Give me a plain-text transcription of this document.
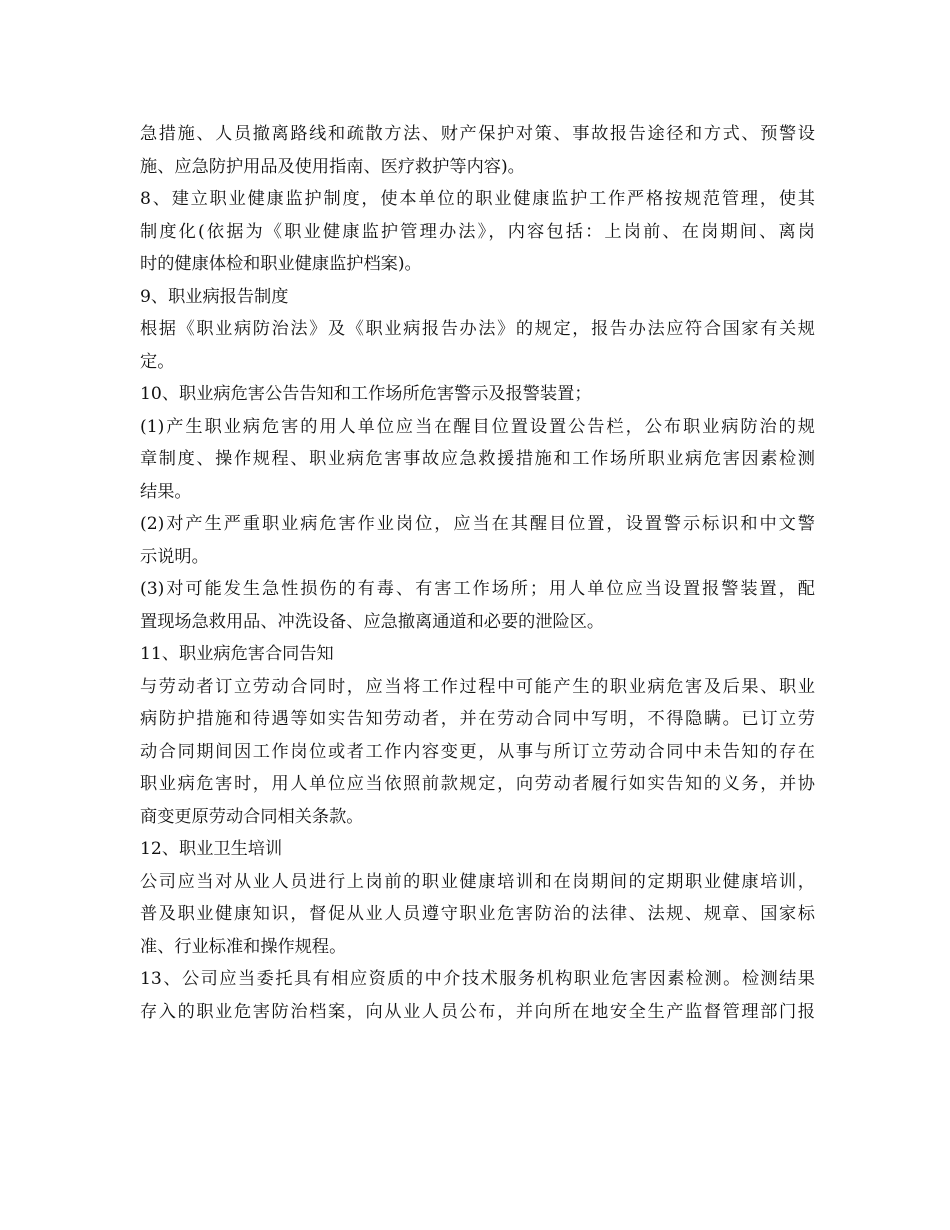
急措施、人员撤离路线和疏散方法、财产保护对策、事故报告途径和方式、预警设
施、应急防护用品及使用指南、医疗救护等内容)。
8、建立职业健康监护制度，使本单位的职业健康监护工作严格按规范管理，使其
制度化(依据为《职业健康监护管理办法》，内容包括：上岗前、在岗期间、离岗
时的健康体检和职业健康监护档案)。
9、职业病报告制度
根据《职业病防治法》及《职业病报告办法》的规定，报告办法应符合国家有关规
定。
10、职业病危害公告告知和工作场所危害警示及报警装置；
(1)产生职业病危害的用人单位应当在醒目位置设置公告栏，公布职业病防治的规
章制度、操作规程、职业病危害事故应急救援措施和工作场所职业病危害因素检测
结果。
(2)对产生严重职业病危害作业岗位，应当在其醒目位置，设置警示标识和中文警
示说明。
(3)对可能发生急性损伤的有毒、有害工作场所；用人单位应当设置报警装置，配
置现场急救用品、冲洗设备、应急撤离通道和必要的泄险区。
11、职业病危害合同告知
与劳动者订立劳动合同时，应当将工作过程中可能产生的职业病危害及后果、职业
病防护措施和待遇等如实告知劳动者，并在劳动合同中写明，不得隐瞒。已订立劳
动合同期间因工作岗位或者工作内容变更，从事与所订立劳动合同中未告知的存在
职业病危害时，用人单位应当依照前款规定，向劳动者履行如实告知的义务，并协
商变更原劳动合同相关条款。
12、职业卫生培训
公司应当对从业人员进行上岗前的职业健康培训和在岗期间的定期职业健康培训，
普及职业健康知识，督促从业人员遵守职业危害防治的法律、法规、规章、国家标
准、行业标准和操作规程。
13、公司应当委托具有相应资质的中介技术服务机构职业危害因素检测。检测结果
存入的职业危害防治档案，向从业人员公布，并向所在地安全生产监督管理部门报
